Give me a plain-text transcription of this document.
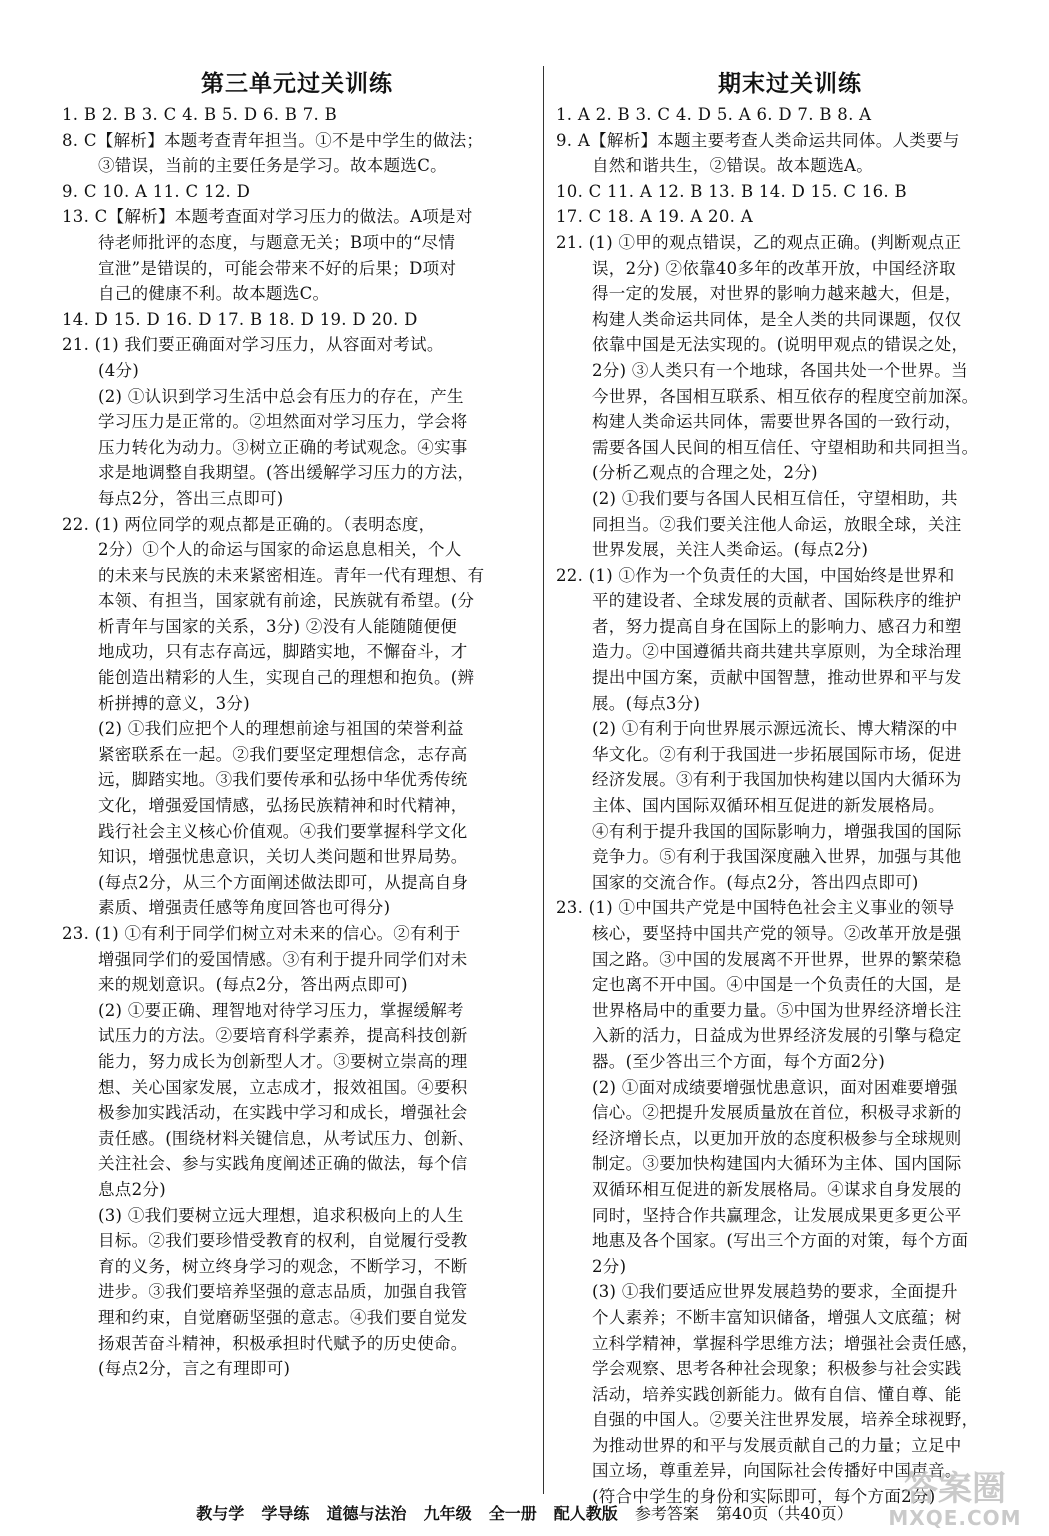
第三单元过关训练
1. B 2. B 3. C 4. B 5. D 6. B 7. B
8. C【解析】本题考查青年担当。①不是中学生的做法；
③错误，当前的主要任务是学习。故本题选C。
9. C 10. A 11. C 12. D
13. C【解析】本题考查面对学习压力的做法。A项是对
待老师批评的态度，与题意无关；B项中的“尽情
宣泄”是错误的，可能会带来不好的后果；D项对
自己的健康不利。故本题选C。
14. D 15. D 16. D 17. B 18. D 19. D 20. D
21. (1) 我们要正确面对学习压力，从容面对考试。
(4分)
(2) ①认识到学习生活中总会有压力的存在，产生
学习压力是正常的。②坦然面对学习压力，学会将
压力转化为动力。③树立正确的考试观念。④实事
求是地调整自我期望。(答出缓解学习压力的方法，
每点2分，答出三点即可)
22. (1) 两位同学的观点都是正确的。（表明态度，
2分）①个人的命运与国家的命运息息相关，个人
的未来与民族的未来紧密相连。青年一代有理想、有
本领、有担当，国家就有前途，民族就有希望。(分
析青年与国家的关系，3分) ②没有人能随随便便
地成功，只有志存高远，脚踏实地，不懈奋斗，才
能创造出精彩的人生，实现自己的理想和抱负。(辨
析拼搏的意义，3分)
(2) ①我们应把个人的理想前途与祖国的荣誉利益
紧密联系在一起。②我们要坚定理想信念，志存高
远，脚踏实地。③我们要传承和弘扬中华优秀传统
文化，增强爱国情感，弘扬民族精神和时代精神，
践行社会主义核心价值观。④我们要掌握科学文化
知识，增强忧患意识，关切人类问题和世界局势。
(每点2分，从三个方面阐述做法即可，从提高自身
素质、增强责任感等角度回答也可得分)
23. (1) ①有利于同学们树立对未来的信心。②有利于
增强同学们的爱国情感。③有利于提升同学们对未
来的规划意识。(每点2分，答出两点即可)
(2) ①要正确、理智地对待学习压力，掌握缓解考
试压力的方法。②要培育科学素养，提高科技创新
能力，努力成长为创新型人才。③要树立崇高的理
想、关心国家发展，立志成才，报效祖国。④要积
极参加实践活动，在实践中学习和成长，增强社会
责任感。(围绕材料关键信息，从考试压力、创新、
关注社会、参与实践角度阐述正确的做法，每个信
息点2分)
(3) ①我们要树立远大理想，追求积极向上的人生
目标。②我们要珍惜受教育的权利，自觉履行受教
育的义务，树立终身学习的观念，不断学习，不断
进步。③我们要培养坚强的意志品质，加强自我管
理和约束，自觉磨砺坚强的意志。④我们要自觉发
扬艰苦奋斗精神，积极承担时代赋予的历史使命。
(每点2分，言之有理即可)
期末过关训练
1. A 2. B 3. C 4. D 5. A 6. D 7. B 8. A
9. A【解析】本题主要考查人类命运共同体。人类要与
自然和谐共生，②错误。故本题选A。
10. C 11. A 12. B 13. B 14. D 15. C 16. B
17. C 18. A 19. A 20. A
21. (1) ①甲的观点错误，乙的观点正确。(判断观点正
误，2分) ②依靠40多年的改革开放，中国经济取
得一定的发展，对世界的影响力越来越大，但是，
构建人类命运共同体，是全人类的共同课题，仅仅
依靠中国是无法实现的。(说明甲观点的错误之处，
2分) ③人类只有一个地球，各国共处一个世界。当
今世界，各国相互联系、相互依存的程度空前加深。
构建人类命运共同体，需要世界各国的一致行动，
需要各国人民间的相互信任、守望相助和共同担当。
(分析乙观点的合理之处，2分)
(2) ①我们要与各国人民相互信任，守望相助，共
同担当。②我们要关注他人命运，放眼全球，关注
世界发展，关注人类命运。(每点2分)
22. (1) ①作为一个负责任的大国，中国始终是世界和
平的建设者、全球发展的贡献者、国际秩序的维护
者，努力提高自身在国际上的影响力、感召力和塑
造力。②中国遵循共商共建共享原则，为全球治理
提出中国方案，贡献中国智慧，推动世界和平与发
展。(每点3分)
(2) ①有利于向世界展示源远流长、博大精深的中
华文化。②有利于我国进一步拓展国际市场，促进
经济发展。③有利于我国加快构建以国内大循环为
主体、国内国际双循环相互促进的新发展格局。
④有利于提升我国的国际影响力，增强我国的国际
竞争力。⑤有利于我国深度融入世界，加强与其他
国家的交流合作。(每点2分，答出四点即可)
23. (1) ①中国共产党是中国特色社会主义事业的领导
核心，要坚持中国共产党的领导。②改革开放是强
国之路。③中国的发展离不开世界，世界的繁荣稳
定也离不开中国。④中国是一个负责任的大国，是
世界格局中的重要力量。⑤中国为世界经济增长注
入新的活力，日益成为世界经济发展的引擎与稳定
器。(至少答出三个方面，每个方面2分)
(2) ①面对成绩要增强忧患意识，面对困难要增强
信心。②把提升发展质量放在首位，积极寻求新的
经济增长点，以更加开放的态度积极参与全球规则
制定。③要加快构建国内大循环为主体、国内国际
双循环相互促进的新发展格局。④谋求自身发展的
同时，坚持合作共赢理念，让发展成果更多更公平
地惠及各个国家。(写出三个方面的对策，每个方面
2分)
(3) ①我们要适应世界发展趋势的要求，全面提升
个人素养；不断丰富知识储备，增强人文底蕴；树
立科学精神，掌握科学思维方法；增强社会责任感，
学会观察、思考各种社会现象；积极参与社会实践
活动，培养实践创新能力。做有自信、懂自尊、能
自强的中国人。②要关注世界发展，培养全球视野，
为推动世界的和平与发展贡献自己的力量；立足中
国立场，尊重差异，向国际社会传播好中国声音。
(符合中学生的身份和实际即可，每个方面2分)
教与学 学导练 道德与法治 九年级 全一册 配人教版 参考答案 第40页（共40页）
答案圈
MXQE.COM
